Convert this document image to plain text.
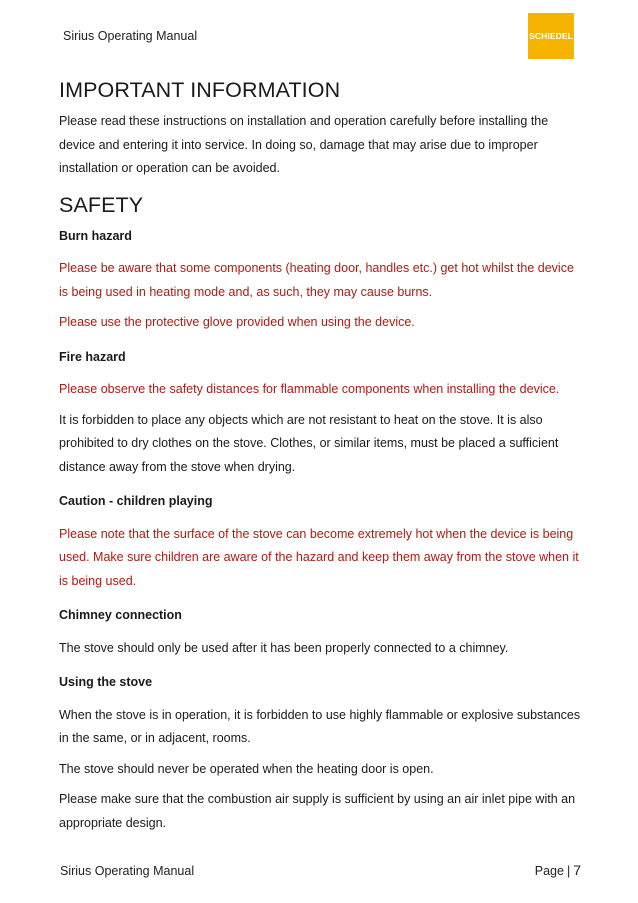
Sirius Operating Manual	SCHIEDEL
IMPORTANT INFORMATION

Please read these instructions on installation and operation carefully before installing the device and entering it into service. In doing so, damage that may arise due to improper installation or operation can be avoided.

SAFETY
Burn hazard

Please be aware that some components (heating door, handles etc.) get hot whilst the device is being used in heating mode and, as such, they may cause burns.

Please use the protective glove provided when using the device.

Fire hazard

Please observe the safety distances for flammable components when installing the device.

It is forbidden to place any objects which are not resistant to heat on the stove. It is also prohibited to dry clothes on the stove. Clothes, or similar items, must be placed a sufficient distance away from the stove when drying.

Caution - children playing

Please note that the surface of the stove can become extremely hot when the device is being used. Make sure children are aware of the hazard and keep them away from the stove when it is being used.

Chimney connection

The stove should only be used after it has been properly connected to a chimney.

Using the stove

When the stove is in operation, it is forbidden to use highly flammable or explosive substances in the same, or in adjacent, rooms.

The stove should never be operated when the heating door is open.

Please make sure that the combustion air supply is sufficient by using an air inlet pipe with an appropriate design.

Sirius Operating Manual	Page | 7
